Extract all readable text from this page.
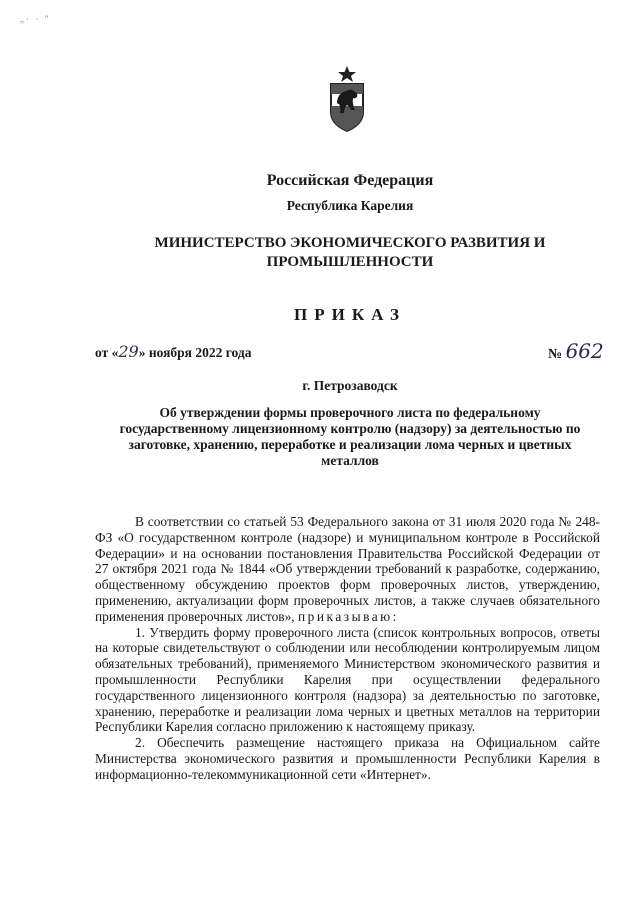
„· · ”
Российская Федерация
Республика Карелия
МИНИСТЕРСТВО ЭКОНОМИЧЕСКОГО РАЗВИТИЯ И ПРОМЫШЛЕННОСТИ
ПРИКАЗ
от «29» ноября 2022 года	№ 662
г. Петрозаводск
Об утверждении формы проверочного листа по федеральному государственному лицензионному контролю (надзору) за деятельностью по заготовке, хранению, переработке и реализации лома черных и цветных металлов

В соответствии со статьей 53 Федерального закона от 31 июля 2020 года № 248-ФЗ «О государственном контроле (надзоре) и муниципальном контроле в Российской Федерации» и на основании постановления Правительства Российской Федерации от 27 октября 2021 года № 1844 «Об утверждении требований к разработке, содержанию, общественному обсуждению проектов форм проверочных листов, утверждению, применению, актуализации форм проверочных листов, а также случаев обязательного применения проверочных листов», приказываю:

1. Утвердить форму проверочного листа (список контрольных вопросов, ответы на которые свидетельствуют о соблюдении или несоблюдении контролируемым лицом обязательных требований), применяемого Министерством экономического развития и промышленности Республики Карелия при осуществлении федерального государственного лицензионного контроля (надзора) за деятельностью по заготовке, хранению, переработке и реализации лома черных и цветных металлов на территории Республики Карелия согласно приложению к настоящему приказу.

2. Обеспечить размещение настоящего приказа на Официальном сайте Министерства экономического развития и промышленности Республики Карелия в информационно-телекоммуникационной сети «Интернет».
